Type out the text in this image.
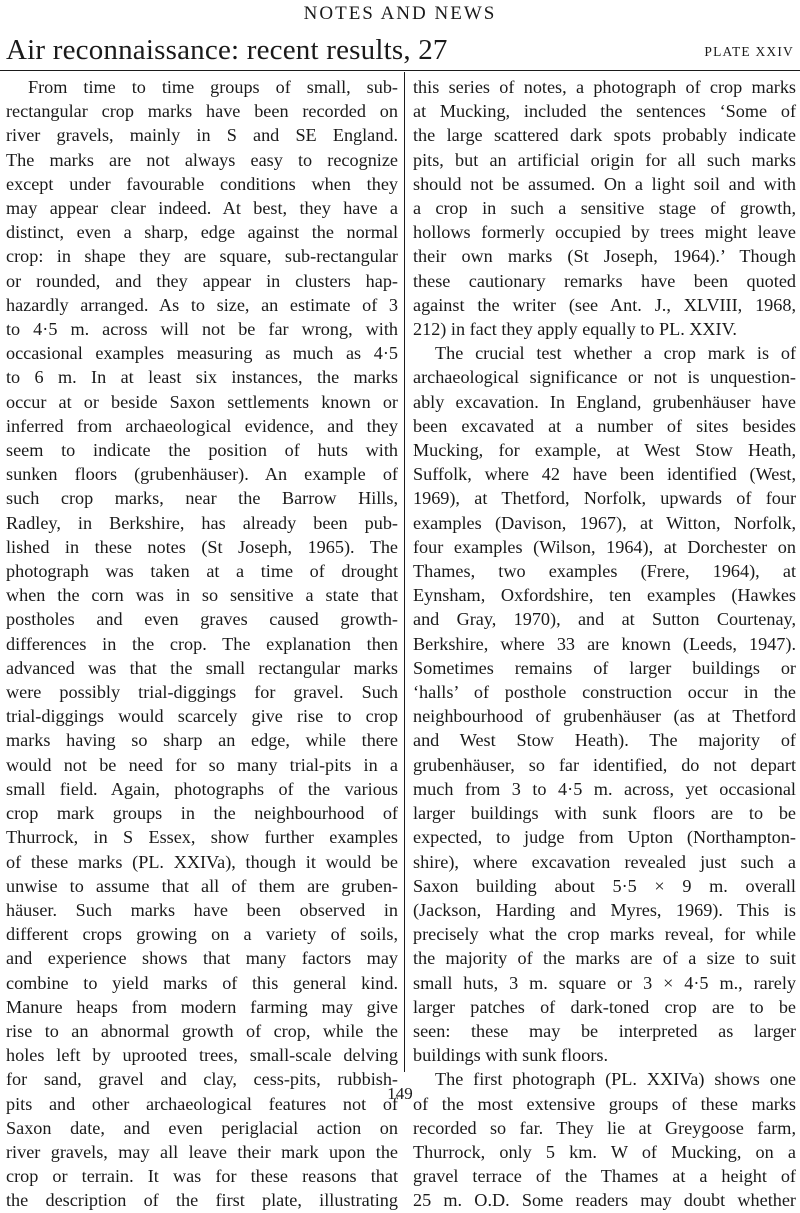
NOTES AND NEWS
Air reconnaissance: recent results, 27	PLATE XXIV
From time to time groups of small, sub-
rectangular crop marks have been recorded on
river gravels, mainly in S and SE England.
The marks are not always easy to recognize
except under favourable conditions when they
may appear clear indeed. At best, they have a
distinct, even a sharp, edge against the normal
crop: in shape they are square, sub-rectangular
or rounded, and they appear in clusters hap-
hazardly arranged. As to size, an estimate of 3
to 4·5 m. across will not be far wrong, with
occasional examples measuring as much as 4·5
to 6 m. In at least six instances, the marks
occur at or beside Saxon settlements known or
inferred from archaeological evidence, and they
seem to indicate the position of huts with
sunken floors (grubenhäuser). An example of
such crop marks, near the Barrow Hills,
Radley, in Berkshire, has already been pub-
lished in these notes (St Joseph, 1965). The
photograph was taken at a time of drought
when the corn was in so sensitive a state that
postholes and even graves caused growth-
differences in the crop. The explanation then
advanced was that the small rectangular marks
were possibly trial-diggings for gravel. Such
trial-diggings would scarcely give rise to crop
marks having so sharp an edge, while there
would not be need for so many trial-pits in a
small field. Again, photographs of the various
crop mark groups in the neighbourhood of
Thurrock, in S Essex, show further examples
of these marks (PL. XXIVa), though it would be
unwise to assume that all of them are gruben-
häuser. Such marks have been observed in
different crops growing on a variety of soils,
and experience shows that many factors may
combine to yield marks of this general kind.
Manure heaps from modern farming may give
rise to an abnormal growth of crop, while the
holes left by uprooted trees, small-scale delving
for sand, gravel and clay, cess-pits, rubbish-
pits and other archaeological features not of
Saxon date, and even periglacial action on
river gravels, may all leave their mark upon the
crop or terrain. It was for these reasons that
the description of the first plate, illustrating
this series of notes, a photograph of crop marks
at Mucking, included the sentences ‘Some of
the large scattered dark spots probably indicate
pits, but an artificial origin for all such marks
should not be assumed. On a light soil and with
a crop in such a sensitive stage of growth,
hollows formerly occupied by trees might leave
their own marks (St Joseph, 1964).’ Though
these cautionary remarks have been quoted
against the writer (see Ant. J., XLVIII, 1968,
212) in fact they apply equally to PL. XXIV.
The crucial test whether a crop mark is of
archaeological significance or not is unquestion-
ably excavation. In England, grubenhäuser have
been excavated at a number of sites besides
Mucking, for example, at West Stow Heath,
Suffolk, where 42 have been identified (West,
1969), at Thetford, Norfolk, upwards of four
examples (Davison, 1967), at Witton, Norfolk,
four examples (Wilson, 1964), at Dorchester on
Thames, two examples (Frere, 1964), at
Eynsham, Oxfordshire, ten examples (Hawkes
and Gray, 1970), and at Sutton Courtenay,
Berkshire, where 33 are known (Leeds, 1947).
Sometimes remains of larger buildings or
‘halls’ of posthole construction occur in the
neighbourhood of grubenhäuser (as at Thetford
and West Stow Heath). The majority of
grubenhäuser, so far identified, do not depart
much from 3 to 4·5 m. across, yet occasional
larger buildings with sunk floors are to be
expected, to judge from Upton (Northampton-
shire), where excavation revealed just such a
Saxon building about 5·5 × 9 m. overall
(Jackson, Harding and Myres, 1969). This is
precisely what the crop marks reveal, for while
the majority of the marks are of a size to suit
small huts, 3 m. square or 3 × 4·5 m., rarely
larger patches of dark-toned crop are to be
seen: these may be interpreted as larger
buildings with sunk floors.
The first photograph (PL. XXIVa) shows one
of the most extensive groups of these marks
recorded so far. They lie at Greygoose farm,
Thurrock, only 5 km. W of Mucking, on a
gravel terrace of the Thames at a height of
25 m. O.D. Some readers may doubt whether
149
